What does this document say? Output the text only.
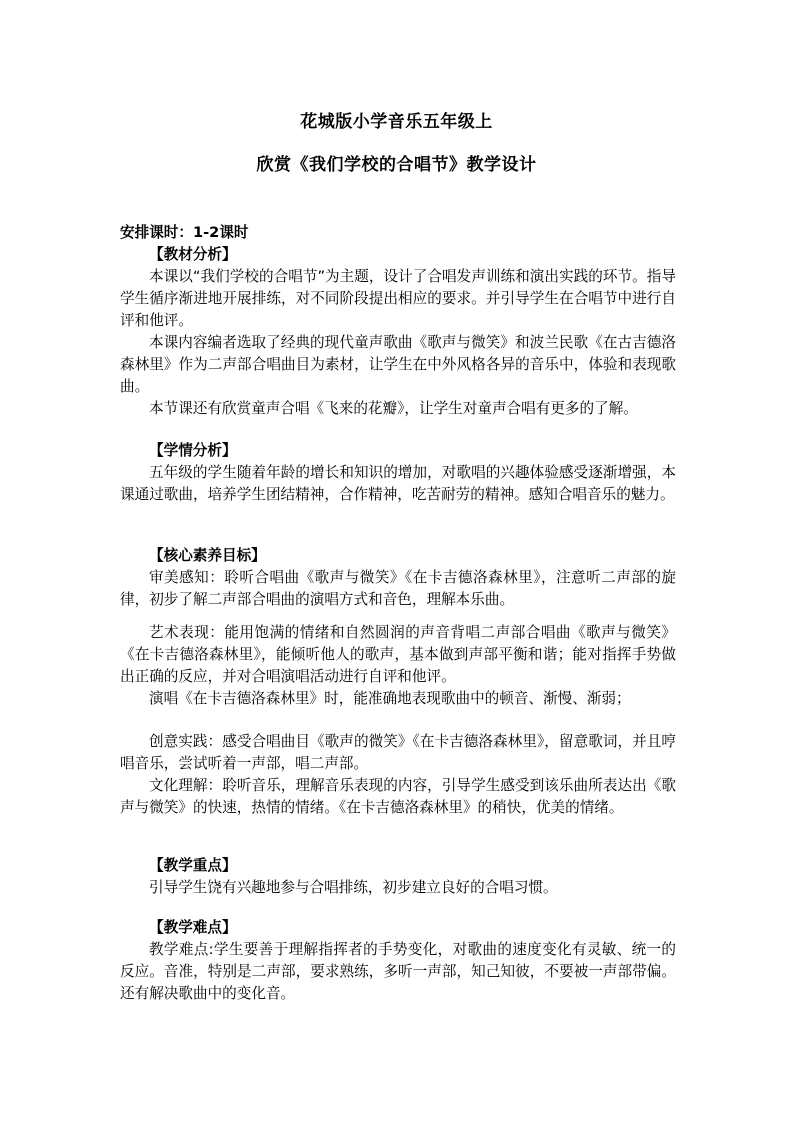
花城版小学音乐五年级上
欣赏《我们学校的合唱节》教学设计
安排课时：1-2课时
【教材分析】

本课以“我们学校的合唱节”为主题，设计了合唱发声训练和演出实践的环节。指导学生循序渐进地开展排练，对不同阶段提出相应的要求。并引导学生在合唱节中进行自评和他评。

本课内容编者选取了经典的现代童声歌曲《歌声与微笑》和波兰民歌《在古吉德洛森林里》作为二声部合唱曲目为素材，让学生在中外风格各异的音乐中，体验和表现歌曲。

本节课还有欣赏童声合唱《飞来的花瓣》，让学生对童声合唱有更多的了解。

【学情分析】

五年级的学生随着年龄的增长和知识的增加，对歌唱的兴趣体验感受逐渐增强，本课通过歌曲，培养学生团结精神，合作精神，吃苦耐劳的精神。感知合唱音乐的魅力。

【核心素养目标】

审美感知：聆听合唱曲《歌声与微笑》《在卡吉德洛森林里》，注意听二声部的旋律，初步了解二声部合唱曲的演唱方式和音色，理解本乐曲。

艺术表现：能用饱满的情绪和自然圆润的声音背唱二声部合唱曲《歌声与微笑》《在卡吉德洛森林里》，能倾听他人的歌声，基本做到声部平衡和谐；能对指挥手势做出正确的反应，并对合唱演唱活动进行自评和他评。

演唱《在卡吉德洛森林里》时，能准确地表现歌曲中的顿音、渐慢、渐弱；

创意实践：感受合唱曲目《歌声的微笑》《在卡吉德洛森林里》，留意歌词，并且哼唱音乐，尝试听着一声部，唱二声部。

文化理解：聆听音乐，理解音乐表现的内容，引导学生感受到该乐曲所表达出《歌声与微笑》的快速，热情的情绪。《在卡吉德洛森林里》的稍快，优美的情绪。

【教学重点】

引导学生饶有兴趣地参与合唱排练，初步建立良好的合唱习惯。

【教学难点】

教学难点:学生要善于理解指挥者的手势变化，对歌曲的速度变化有灵敏、统一的反应。音准，特别是二声部，要求熟练，多听一声部，知己知彼，不要被一声部带偏。还有解决歌曲中的变化音。
